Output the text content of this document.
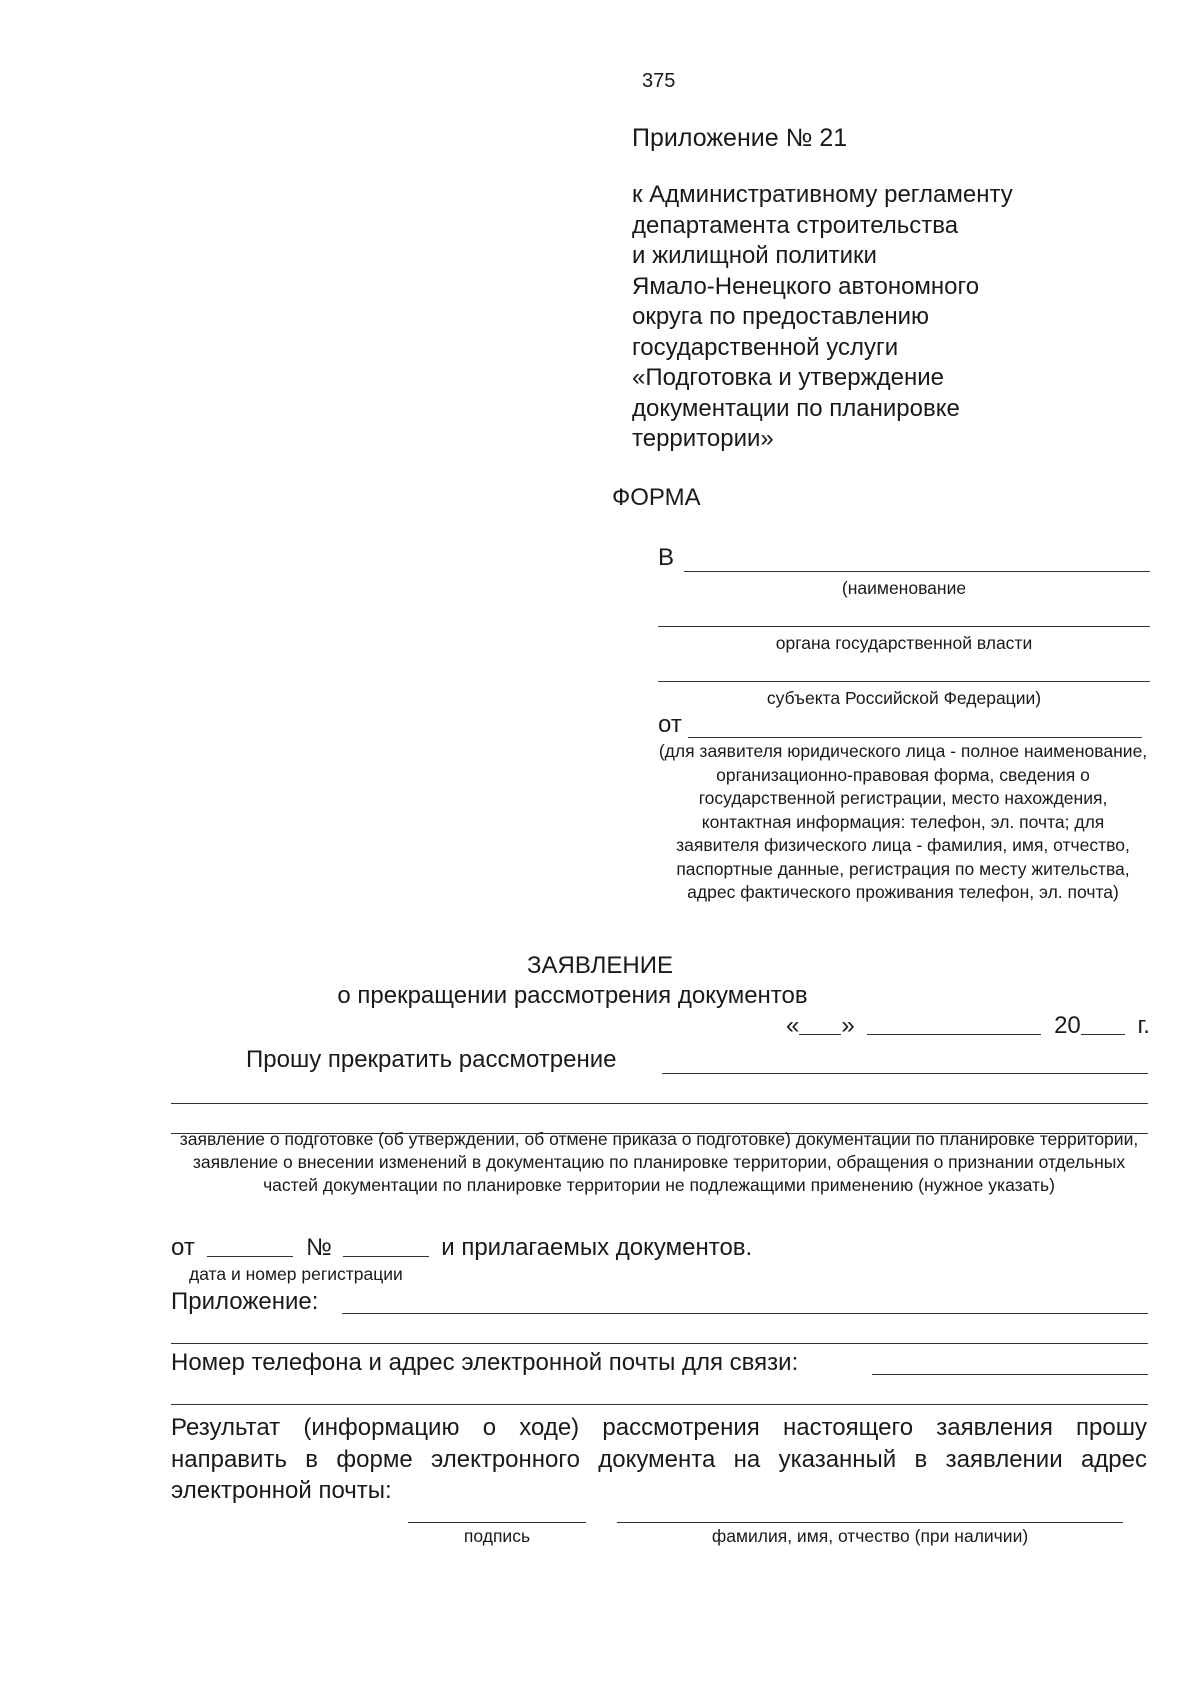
375
Приложение № 21
к Административному регламенту
департамента строительства
и жилищной политики
Ямало-Ненецкого автономного
округа по предоставлению
государственной услуги
«Подготовка и утверждение
документации по планировке
территории»
ФОРМА
В
(наименование
органа государственной власти
субъекта Российской Федерации)
от
(для заявителя юридического лица - полное наименование, организационно-правовая форма, сведения о государственной регистрации, место нахождения, контактная информация: телефон, эл. почта; для заявителя физического лица - фамилия, имя, отчество, паспортные данные, регистрация по месту жительства, адрес фактического проживания телефон, эл. почта)
ЗАЯВЛЕНИЕ
о прекращении рассмотрения документов
« »	20 г.
Прошу прекратить рассмотрение
заявление о подготовке (об утверждении, об отмене приказа о подготовке) документации по планировке территории, заявление о внесении изменений в документацию по планировке территории, обращения о признании отдельных частей документации по планировке территории не подлежащими применению (нужное указать)
от	№	и прилагаемых документов.
дата и номер регистрации
Приложение:
Номер телефона и адрес электронной почты для связи:
Результат (информацию о ходе) рассмотрения настоящего заявления прошу
направить в форме электронного документа на указанный в заявлении адрес
электронной почты:
подпись	фамилия, имя, отчество (при наличии)
